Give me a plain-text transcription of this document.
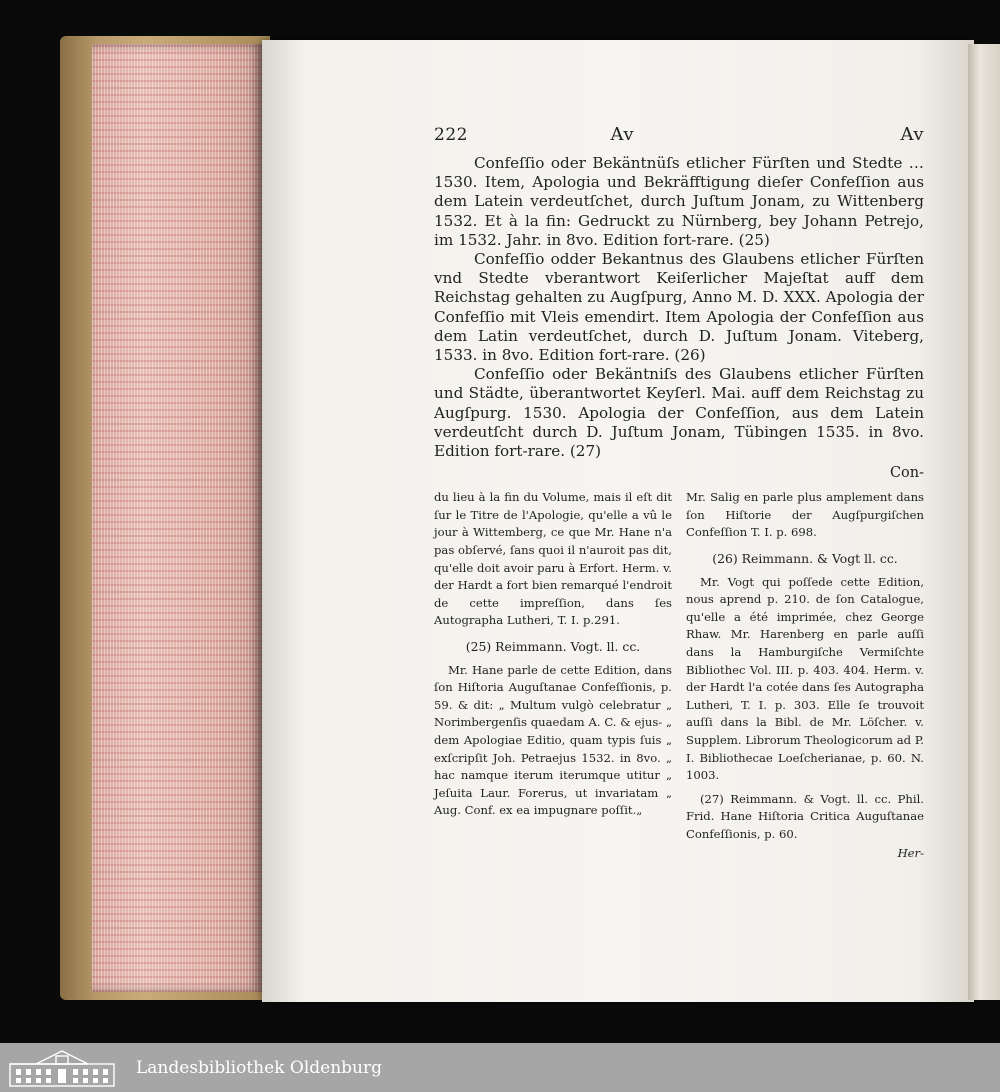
222	Av	Av

Confeſſio oder Bekäntnüſs etlicher Fürſten und Stedte … 1530. Item, Apologia und Bekräfftigung dieſer Confeſſion aus dem Latein verdeutſchet, durch Juſtum Jonam, zu Wittenberg 1532. Et à la fin: Gedruckt zu Nürnberg, bey Johann Petrejo, im 1532. Jahr. in 8vo. Edition fort-rare. (25)

Confeſſio odder Bekantnus des Glaubens etlicher Fürſten vnd Stedte vberantwort Keiſerlicher Majeſtat auff dem Reichstag gehalten zu Augſpurg, Anno M. D. XXX. Apologia der Confeſſio mit Vleis emendirt. Item Apologia der Confeſſion aus dem Latin verdeutſchet, durch D. Juſtum Jonam. Viteberg, 1533. in 8vo. Edition fort-rare. (26)

Confeſſio oder Bekäntniſs des Glaubens etlicher Fürſten und Städte, überantwortet Keyſerl. Mai. auff dem Reichstag zu Augſpurg. 1530. Apologia der Confeſſion, aus dem Latein verdeutſcht durch D. Juſtum Jonam, Tübingen 1535. in 8vo. Edition fort-rare. (27)

Con-

du lieu à la fin du Volume, mais il eſt dit ſur le Titre de l'Apologie, qu'elle a vû le jour à Wittemberg, ce que Mr. Hane n'a pas obſervé, ſans quoi il n'auroit pas dit, qu'elle doit avoir paru à Erfort. Herm. v. der Hardt a fort bien remarqué l'endroit de cette impreſſion, dans ſes Autographa Lutheri, T. I. p.291.

(25) Reimmann. Vogt. ll. cc.

Mr. Hane parle de cette Edition, dans ſon Hiſtoria Auguſtanae Confeſſionis, p. 59. & dit: „ Multum vulgò celebratur „ Norimbergenſis quaedam A. C. & ejus- „ dem Apologiae Editio, quam typis ſuis „ exſcripſit Joh. Petraejus 1532. in 8vo. „ hac namque iterum iterumque utitur „ Jeſuita Laur. Forerus, ut invariatam „ Aug. Conf. ex ea impugnare poſſit.„

Mr. Salig en parle plus amplement dans ſon Hiſtorie der Augſpurgiſchen Confeſſion T. I. p. 698.

(26) Reimmann. & Vogt ll. cc.

Mr. Vogt qui poſſede cette Edition, nous aprend p. 210. de ſon Catalogue, qu'elle a été imprimée, chez George Rhaw. Mr. Harenberg en parle auſſi dans la Hamburgiſche Vermiſchte Bibliothec Vol. III. p. 403. 404. Herm. v. der Hardt l'a cotée dans ſes Autographa Lutheri, T. I. p. 303. Elle ſe trouvoit auſſi dans la Bibl. de Mr. Löſcher. v. Supplem. Librorum Theologicorum ad P. I. Bibliothecae Loeſcherianae, p. 60. N. 1003.

(27) Reimmann. & Vogt. ll. cc. Phil. Frid. Hane Hiſtoria Critica Auguſtanae Confeſſionis, p. 60.

Her-
Landesbibliothek Oldenburg
